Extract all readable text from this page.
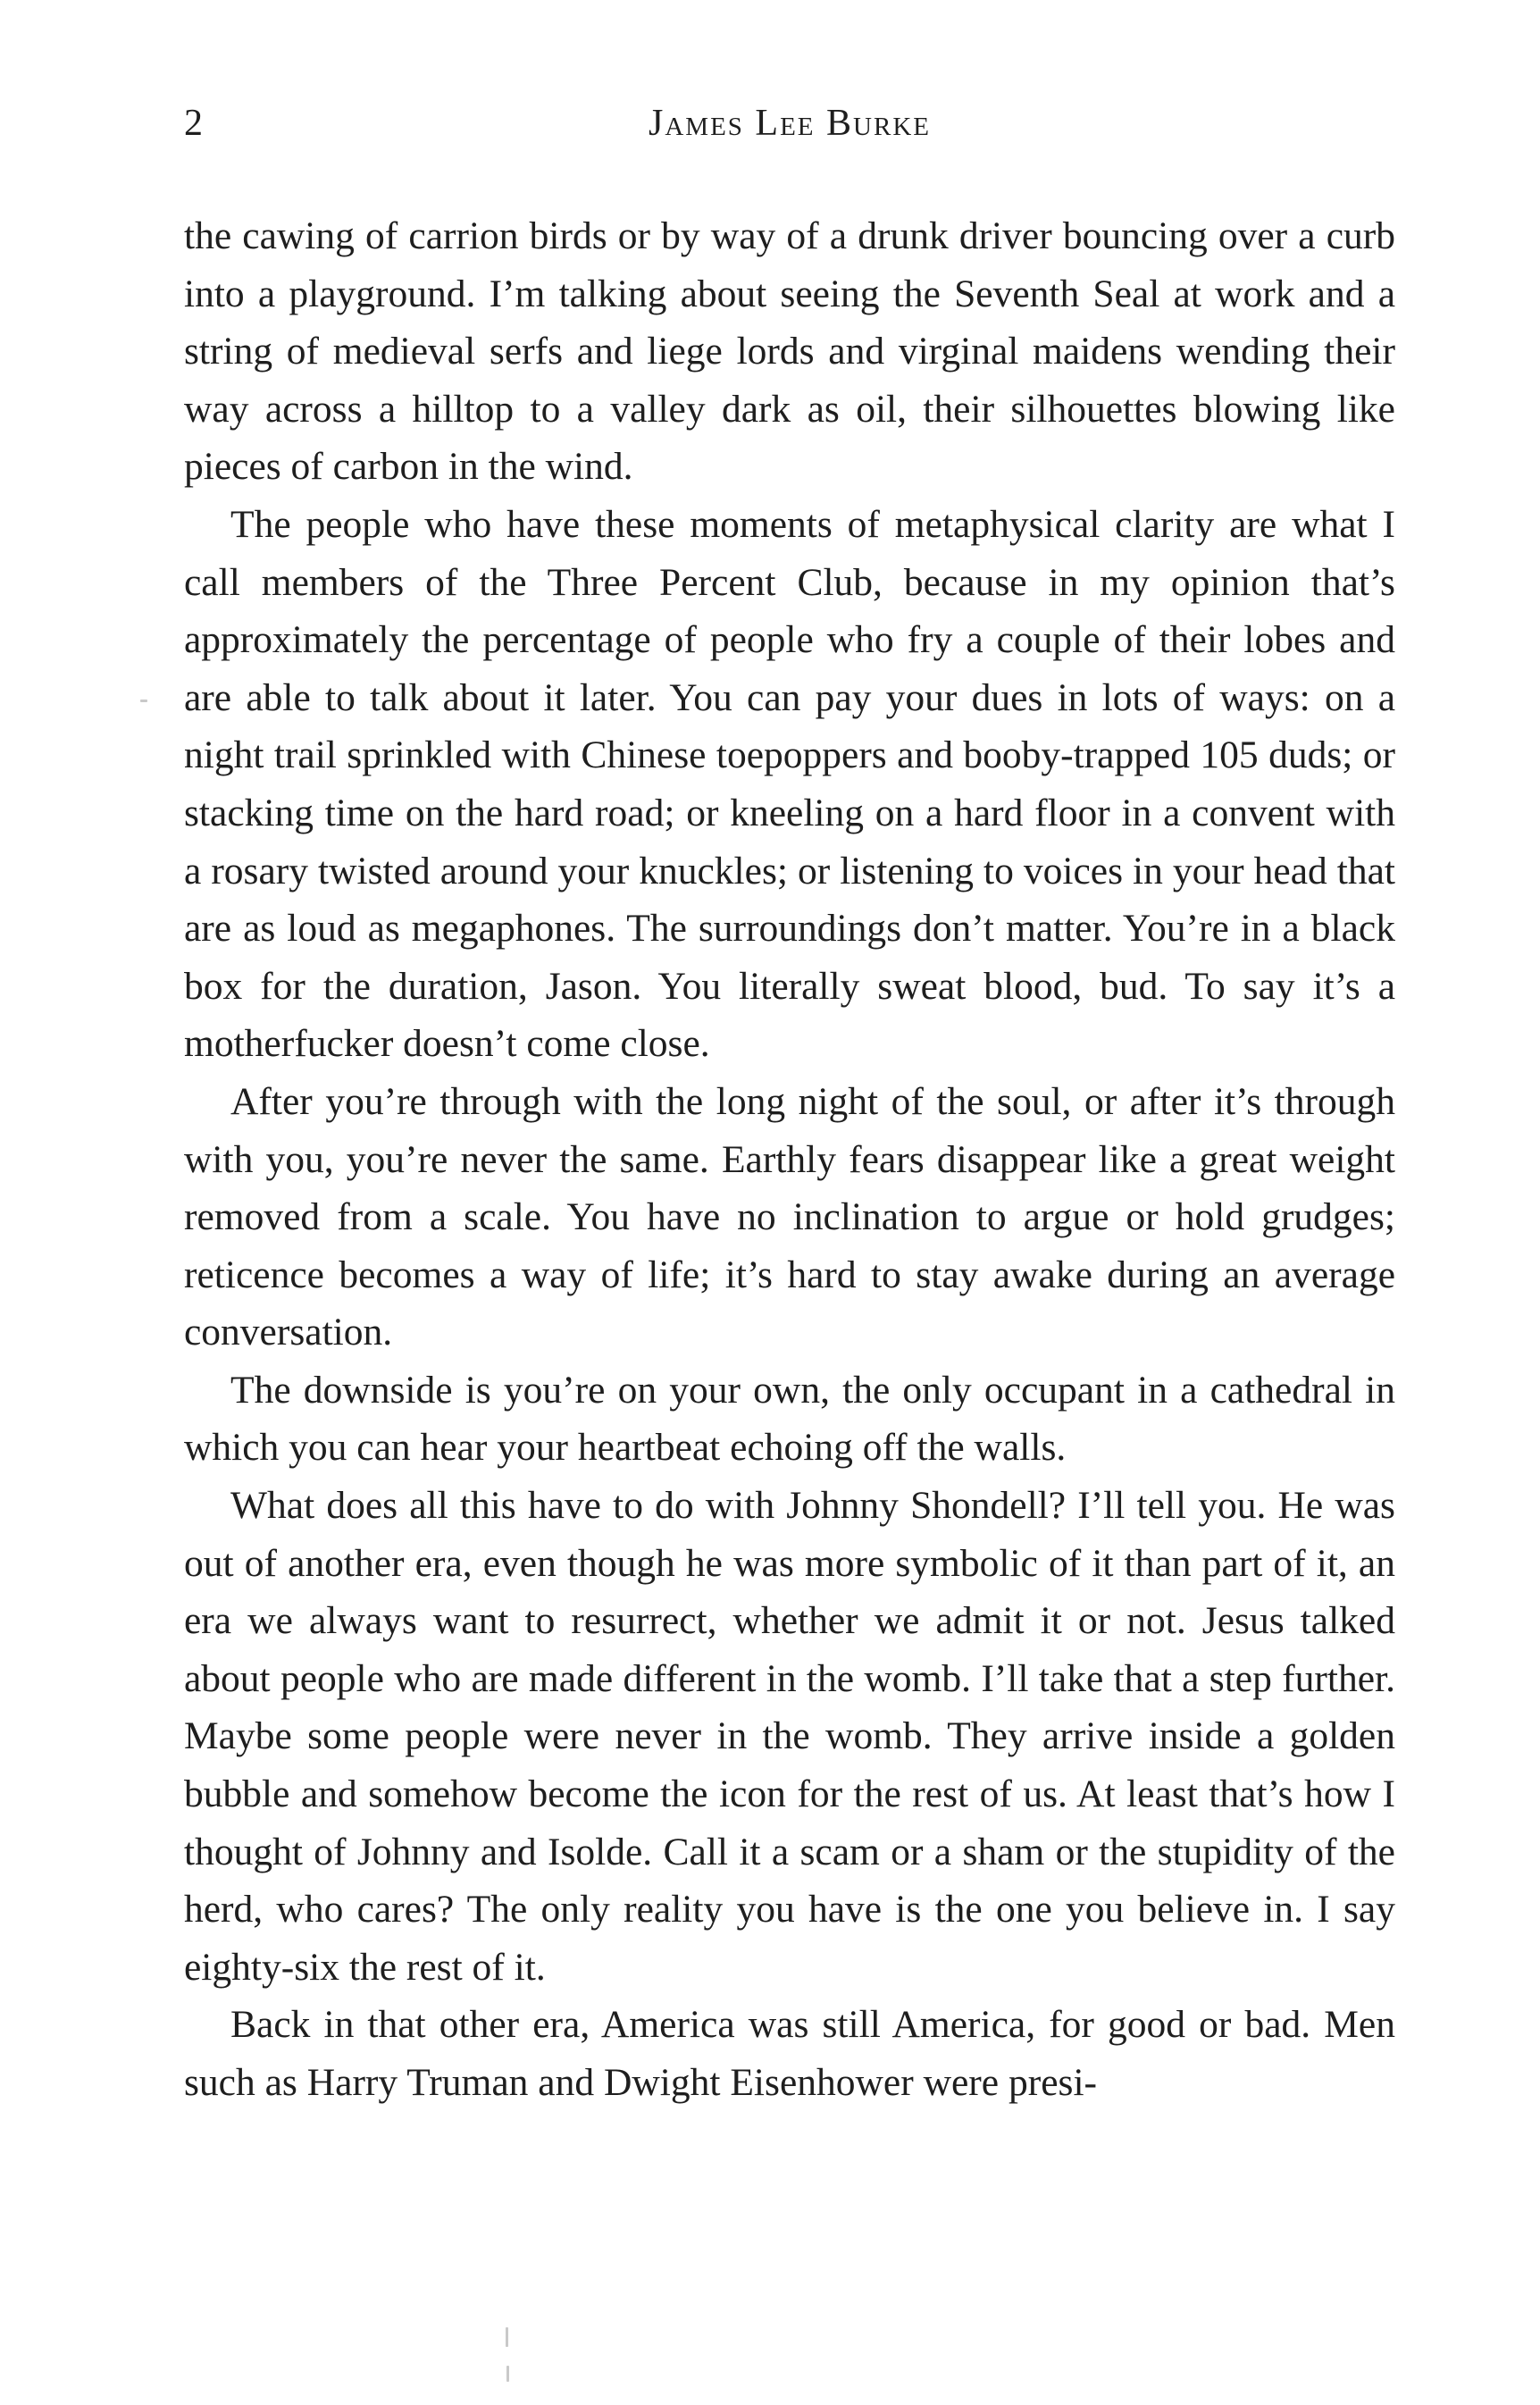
2	James Lee Burke

the cawing of carrion birds or by way of a drunk driver bouncing over a curb into a playground. I’m talking about seeing the Seventh Seal at work and a string of medieval serfs and liege lords and virginal maidens wending their way across a hilltop to a valley dark as oil, their silhouettes blowing like pieces of carbon in the wind.

The people who have these moments of metaphysical clarity are what I call members of the Three Percent Club, because in my opinion that’s approximately the percentage of people who fry a couple of their lobes and are able to talk about it later. You can pay your dues in lots of ways: on a night trail sprinkled with Chinese toepoppers and booby-trapped 105 duds; or stacking time on the hard road; or kneeling on a hard floor in a convent with a rosary twisted around your knuckles; or listening to voices in your head that are as loud as megaphones. The surroundings don’t matter. You’re in a black box for the duration, Jason. You literally sweat blood, bud. To say it’s a motherfucker doesn’t come close.

After you’re through with the long night of the soul, or after it’s through with you, you’re never the same. Earthly fears disappear like a great weight removed from a scale. You have no inclination to argue or hold grudges; reticence becomes a way of life; it’s hard to stay awake during an average conversation.

The downside is you’re on your own, the only occupant in a cathedral in which you can hear your heartbeat echoing off the walls.

What does all this have to do with Johnny Shondell? I’ll tell you. He was out of another era, even though he was more symbolic of it than part of it, an era we always want to resurrect, whether we admit it or not. Jesus talked about people who are made different in the womb. I’ll take that a step further. Maybe some people were never in the womb. They arrive inside a golden bubble and somehow become the icon for the rest of us. At least that’s how I thought of Johnny and Isolde. Call it a scam or a sham or the stupidity of the herd, who cares? The only reality you have is the one you believe in. I say eighty-six the rest of it.

Back in that other era, America was still America, for good or bad. Men such as Harry Truman and Dwight Eisenhower were presi-
